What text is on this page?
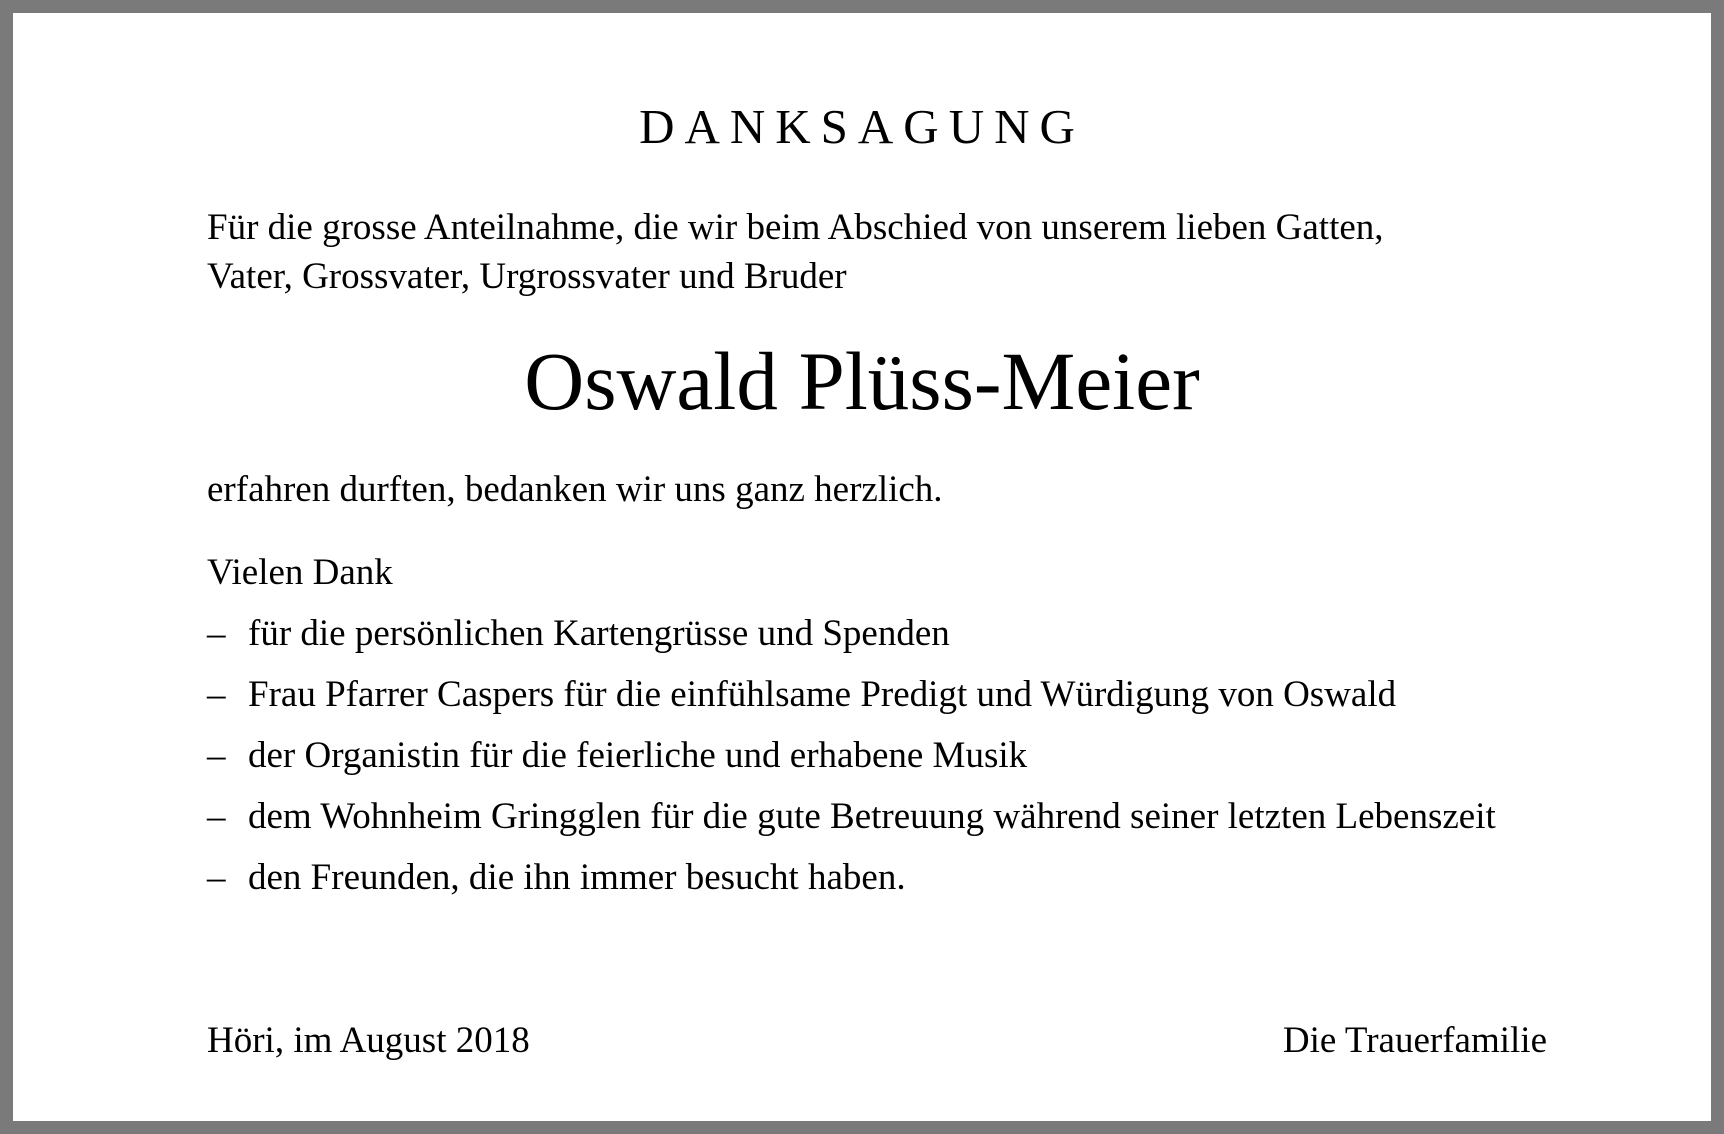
DANKSAGUNG
Für die grosse Anteilnahme, die wir beim Abschied von unserem lieben Gatten,
Vater, Grossvater, Urgrossvater und Bruder
Oswald Plüss-Meier
erfahren durften, bedanken wir uns ganz herzlich.
Vielen Dank
– für die persönlichen Kartengrüsse und Spenden
– Frau Pfarrer Caspers für die einfühlsame Predigt und Würdigung von Oswald
– der Organistin für die feierliche und erhabene Musik
– dem Wohnheim Gringglen für die gute Betreuung während seiner letzten Lebenszeit
– den Freunden, die ihn immer besucht haben.
Höri, im August 2018	Die Trauerfamilie
